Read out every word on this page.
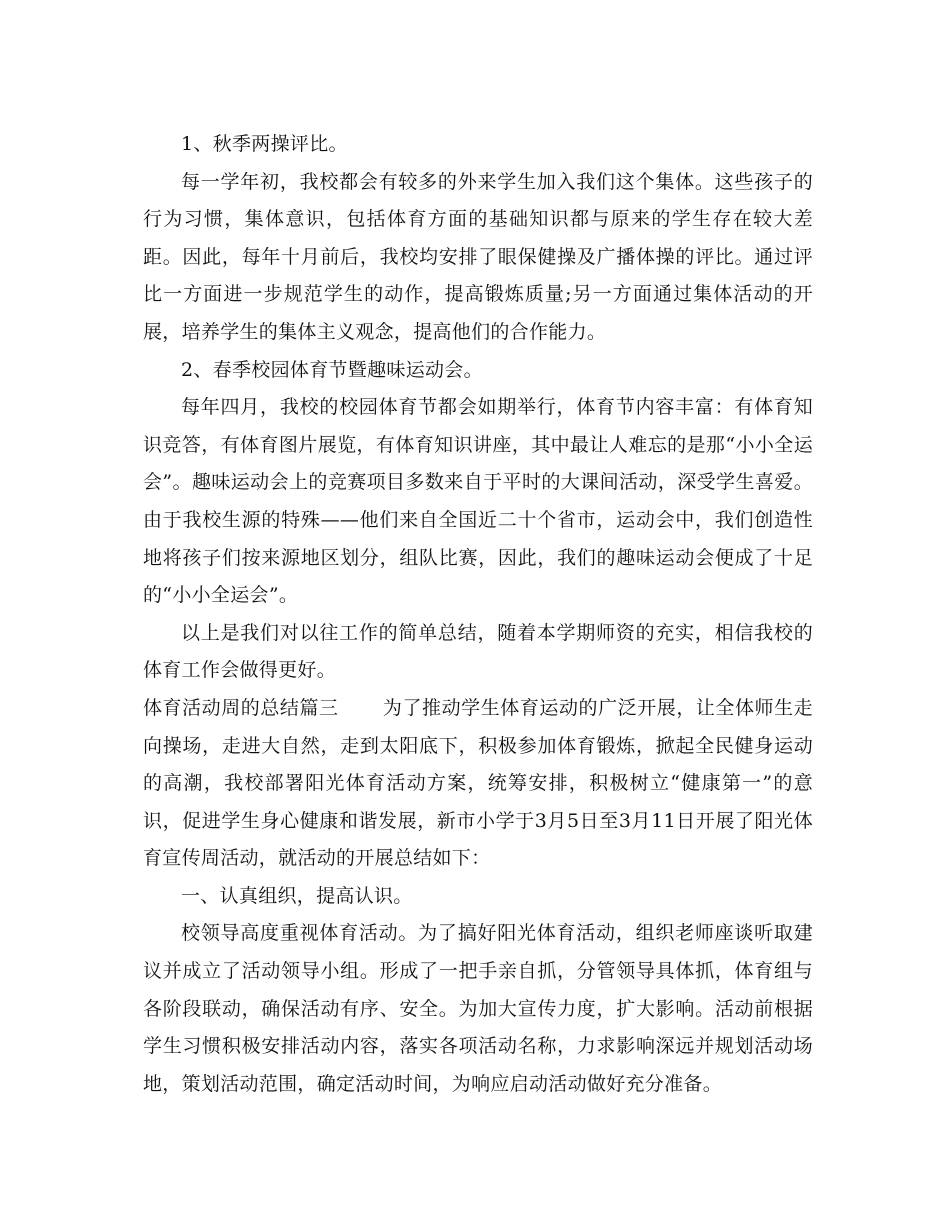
1、秋季两操评比。

每一学年初，我校都会有较多的外来学生加入我们这个集体。这些孩子的行为习惯，集体意识，包括体育方面的基础知识都与原来的学生存在较大差距。因此，每年十月前后，我校均安排了眼保健操及广播体操的评比。通过评比一方面进一步规范学生的动作，提高锻炼质量;另一方面通过集体活动的开展，培养学生的集体主义观念，提高他们的合作能力。

2、春季校园体育节暨趣味运动会。

每年四月，我校的校园体育节都会如期举行，体育节内容丰富：有体育知识竞答，有体育图片展览，有体育知识讲座，其中最让人难忘的是那“小小全运会”。趣味运动会上的竞赛项目多数来自于平时的大课间活动，深受学生喜爱。由于我校生源的特殊——他们来自全国近二十个省市，运动会中，我们创造性地将孩子们按来源地区划分，组队比赛，因此，我们的趣味运动会便成了十足的“小小全运会”。

以上是我们对以往工作的简单总结，随着本学期师资的充实，相信我校的体育工作会做得更好。

体育活动周的总结篇三 为了推动学生体育运动的广泛开展，让全体师生走向操场，走进大自然，走到太阳底下，积极参加体育锻炼，掀起全民健身运动的高潮，我校部署阳光体育活动方案，统筹安排，积极树立“健康第一”的意识，促进学生身心健康和谐发展，新市小学于3月5日至3月11日开展了阳光体育宣传周活动，就活动的开展总结如下：

一、认真组织，提高认识。

校领导高度重视体育活动。为了搞好阳光体育活动，组织老师座谈听取建议并成立了活动领导小组。形成了一把手亲自抓，分管领导具体抓，体育组与各阶段联动，确保活动有序、安全。为加大宣传力度，扩大影响。活动前根据学生习惯积极安排活动内容，落实各项活动名称，力求影响深远并规划活动场地，策划活动范围，确定活动时间，为响应启动活动做好充分准备。
